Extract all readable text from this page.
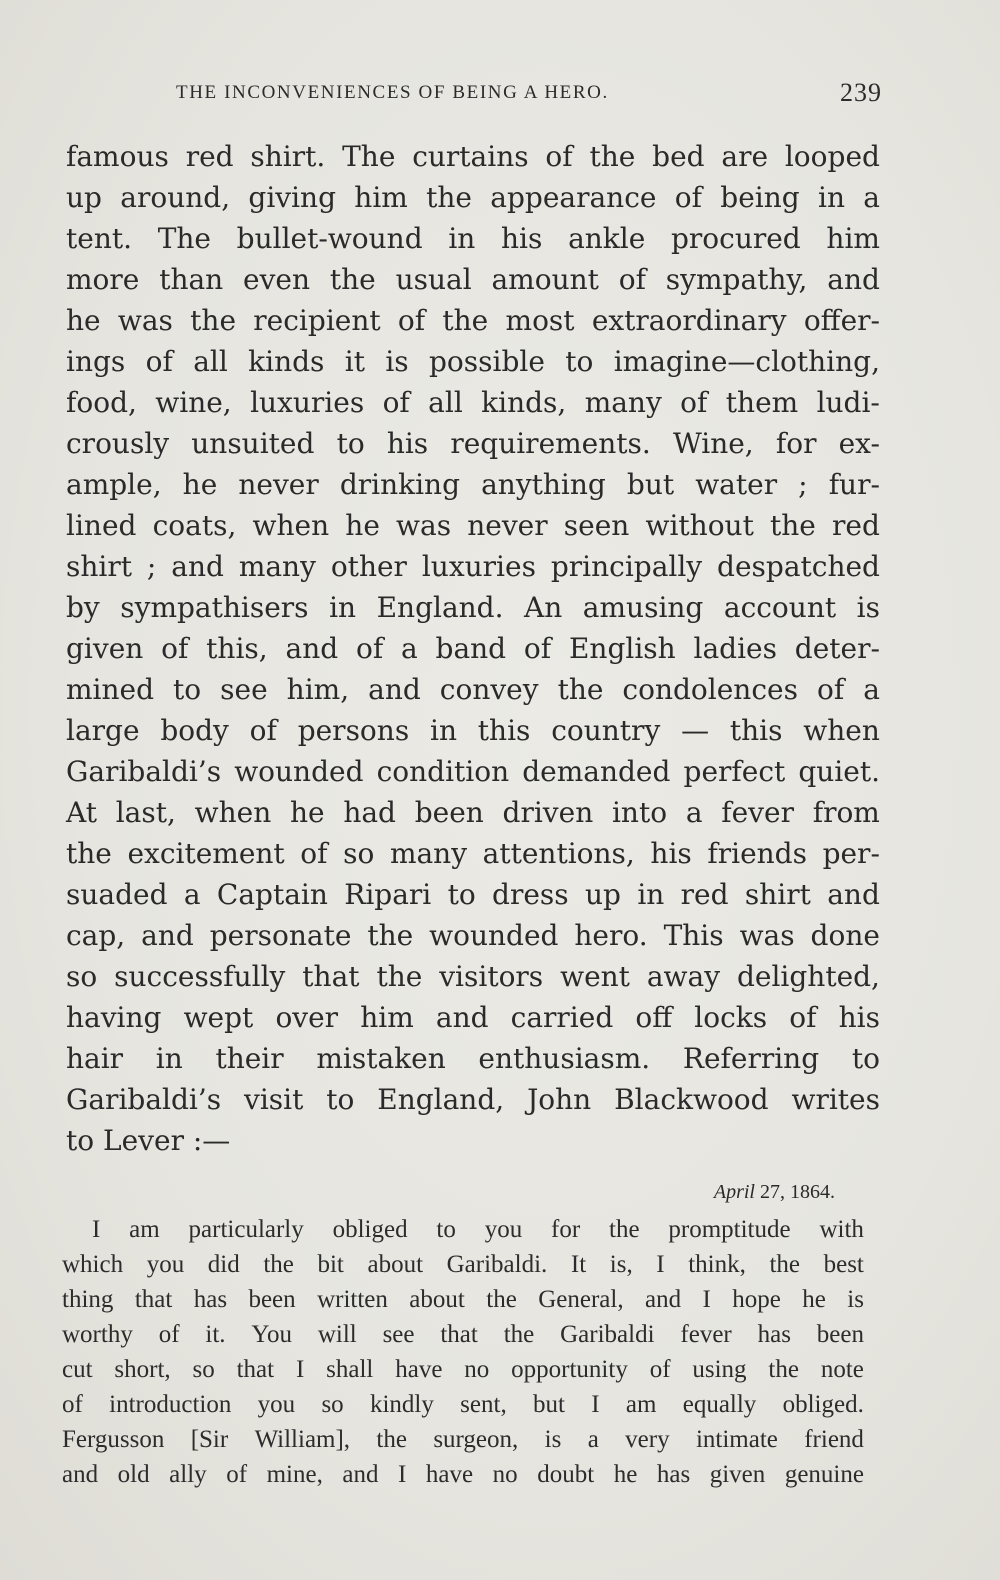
THE INCONVENIENCES OF BEING A HERO.	239
famous red shirt. The curtains of the bed are looped
up around, giving him the appearance of being in a
tent. The bullet-wound in his ankle procured him
more than even the usual amount of sympathy, and
he was the recipient of the most extraordinary offer-
ings of all kinds it is possible to imagine—clothing,
food, wine, luxuries of all kinds, many of them ludi-
crously unsuited to his requirements. Wine, for ex-
ample, he never drinking anything but water ; fur-
lined coats, when he was never seen without the red
shirt ; and many other luxuries principally despatched
by sympathisers in England. An amusing account is
given of this, and of a band of English ladies deter-
mined to see him, and convey the condolences of a
large body of persons in this country — this when
Garibaldi’s wounded condition demanded perfect quiet.
At last, when he had been driven into a fever from
the excitement of so many attentions, his friends per-
suaded a Captain Ripari to dress up in red shirt and
cap, and personate the wounded hero. This was done
so successfully that the visitors went away delighted,
having wept over him and carried off locks of his
hair in their mistaken enthusiasm. Referring to
Garibaldi’s visit to England, John Blackwood writes
to Lever :—
April 27, 1864.
I am particularly obliged to you for the promptitude with
which you did the bit about Garibaldi. It is, I think, the best
thing that has been written about the General, and I hope he is
worthy of it. You will see that the Garibaldi fever has been
cut short, so that I shall have no opportunity of using the note
of introduction you so kindly sent, but I am equally obliged.
Fergusson [Sir William], the surgeon, is a very intimate friend
and old ally of mine, and I have no doubt he has given genuine
